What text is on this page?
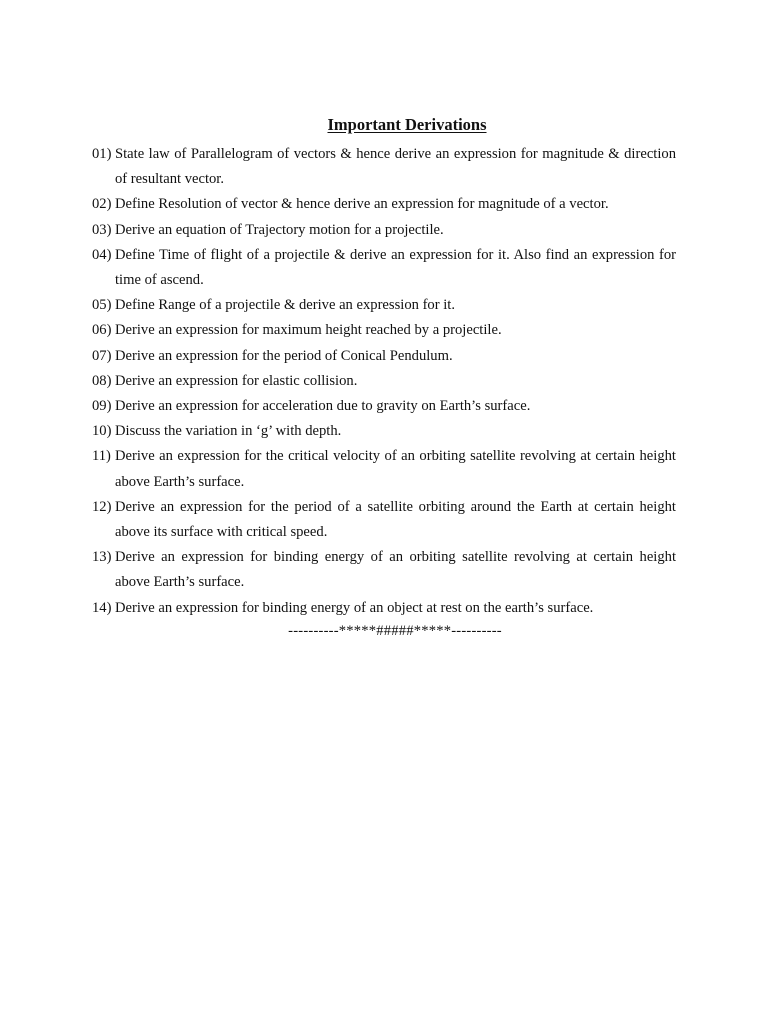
Important Derivations
01) State law of Parallelogram of vectors & hence derive an expression for magnitude & direction of resultant vector.
02) Define Resolution of vector & hence derive an expression for magnitude of a vector.
03) Derive an equation of Trajectory motion for a projectile.
04) Define Time of flight of a projectile & derive an expression for it. Also find an expression for time of ascend.
05) Define Range of a projectile & derive an expression for it.
06) Derive an expression for maximum height reached by a projectile.
07) Derive an expression for the period of Conical Pendulum.
08) Derive an expression for elastic collision.
09) Derive an expression for acceleration due to gravity on Earth’s surface.
10) Discuss the variation in ‘g’ with depth.
11) Derive an expression for the critical velocity of an orbiting satellite revolving at certain height above Earth’s surface.
12) Derive an expression for the period of a satellite orbiting around the Earth at certain height above its surface with critical speed.
13) Derive an expression for binding energy of an orbiting satellite revolving at certain height above Earth’s surface.
14) Derive an expression for binding energy of an object at rest on the earth’s surface.
----------*****#####*****----------
